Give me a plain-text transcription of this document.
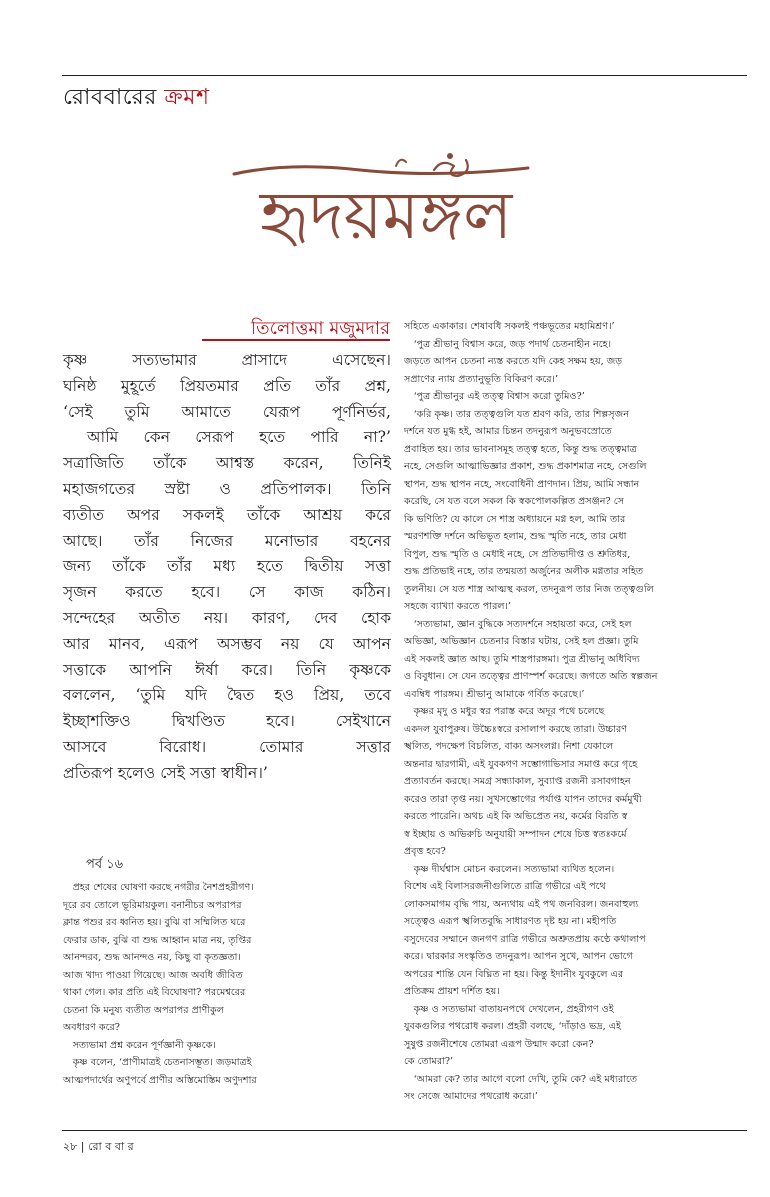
রোববারের ক্রমশ
হৃদয়মঙ্গল
তিলোত্তমা মজুমদার
কৃষ্ণ সত্যভামার প্রাসাদে এসেছেন।
ঘনিষ্ঠ মুহূর্তে প্রিয়তমার প্রতি তাঁর প্রশ্ন,
‘সেই তুমি আমাতে যেরূপ পূর্ণনির্ভর,
আমি কেন সেরূপ হতে পারি না?’
সত্রাজিতি তাঁকে আশ্বস্ত করেন, তিনিই
মহাজগতের স্রষ্টা ও প্রতিপালক। তিনি
ব্যতীত অপর সকলই তাঁকে আশ্রয় করে
আছে। তাঁর নিজের মনোভার বহনের
জন্য তাঁকে তাঁর মধ্য হতে দ্বিতীয় সত্তা
সৃজন করতে হবে। সে কাজ কঠিন।
সন্দেহের অতীত নয়। কারণ, দেব হোক
আর মানব, এরূপ অসম্ভব নয় যে আপন
সত্তাকে আপনি ঈর্ষা করে। তিনি কৃষ্ণকে
বললেন, ‘তুমি যদি দ্বৈত হও প্রিয়, তবে
ইচ্ছাশক্তিও দ্বিখণ্ডিত হবে। সেইখানে
আসবে বিরোধ। তোমার সত্তার
প্রতিরূপ হলেও সেই সত্তা স্বাধীন।’
পর্ব ১৬
প্রহর শেষের ঘোষণা করছে নগরীর নৈশপ্রহরীগণ।
দূরে রব তোলে ভূরিমায়কুল। বনানীচর অপরাপর
ক্লান্ত পশুর রব ধ্বনিত হয়। বুঝি বা সম্মিলিত ঘরে
ফেরার ডাক, বুঝি বা শুদ্ধ আহ্বান মাত্র নয়, তৃপ্তির
আনন্দরব, শুদ্ধ আনন্দও নয়, কিছু বা কৃতজ্ঞতা।
আজ খাদ্য পাওয়া গিয়েছে। আজ অবধি জীবিত
থাকা গেল। কার প্রতি এই বিঘোষণা? পরমেশ্বরের
চেতনা কি মনুষ্য ব্যতীত অপরাপর প্রাণীকুল
অবধারণ করে?
সত্যভামা প্রশ্ন করেন পূর্ণজ্ঞানী কৃষ্ণকে।
কৃষ্ণ বলেন, ‘প্রাণীমাত্রই চেতনাসম্ভূত। জড়মাত্রই
আত্মপদার্থের অণুপর্বে প্রাণীর অস্তিমোস্তিম অণুদশার
সহিতে একাকার। শেষাবধি সকলই পঞ্চভূতের মহামিশ্রণ।’
‘পুত্র শ্রীভানু বিশ্বাস করে, জড় পদার্থ চেতনাহীন নহে।
জড়তে আপন চেতনা ন্যস্ত করতে যদি কেহ সক্ষম হয়, জড়
সপ্রাণের ন্যায় প্রত্যানুভূতি বিকিরণ করে।’
‘পুত্র শ্রীভানুর এই তত্ত্ব বিশ্বাস করো তুমিও?’
‘করি কৃষ্ণ। তার তত্ত্বগুলি যত শ্রবণ করি, তার শিল্পসৃজন
দর্শনে যত মুগ্ধ হই, আমার চিন্তন তদনুরূপ অনুভবস্রোতে
প্রবাহিত হয়। তার ভাবনাসমূহ তত্ত্ব হতে, কিন্তু শুদ্ধ তত্ত্বমাত্র
নহে, সেগুলি আত্মাভিজ্ঞার প্রকাশ, শুদ্ধ প্রকাশমাত্র নহে, সেগুলি
স্থাপন, শুদ্ধ স্থাপন নহে, সংবোধিনী প্রাণদান। প্রিয়, আমি সন্ধান
করেছি, সে যত বলে সকল কি স্বকপোলকল্পিত প্রসঞ্জন? সে
কি ভণিতি? যে কালে সে শাস্ত্র অধ্যায়নে মগ্ন হল, আমি তার
স্মরণশক্তি দর্শনে অভিভূত হলাম, শুদ্ধ স্মৃতি নহে, তার মেধা
বিপুল, শুদ্ধ স্মৃতি ও মেধাই নহে, সে প্রতিভাদীপ্ত ও শ্রুতিধর,
শুদ্ধ প্রতিভাই নহে, তার তন্ময়তা অর্জুনের অলীক মগ্নতার সহিত
তুলনীয়। সে যত শাস্ত্র আত্মস্থ করল, তদনুরূপ তার নিজ তত্ত্বগুলি
সহজে ব্যাখ্যা করতে পারল।’
‘সত্যভামা, জ্ঞান বুদ্ধিকে সত্যদর্শনে সহায়তা করে, সেই হল
অভিজ্ঞা, অভিজ্ঞান চেতনার বিস্তার ঘটায়, সেই হল প্রজ্ঞা। তুমি
এই সকলই জ্ঞাত আছ। তুমি শাস্ত্রপারঙ্গমা। পুত্র শ্রীভানু অধিবিদ্য
ও বিবুধান। সে যেন তত্ত্বের প্রাণস্পর্শ করেছে। জগতে অতি স্বল্পজন
এবম্বিধ পারঙ্গম। শ্রীভানু আমাকে গর্বিত করেছে।’
কৃষ্ণর মৃদু ও মধুর স্বর পরাস্ত করে অদূর পথে চলেছে
একদল যুবাপুরুষ। উচ্চৈঃস্বরে রসালাপ করছে তারা। উচ্চারণ
স্খলিত, পদক্ষেপ বিচলিত, বাক্য অসংলগ্ন। নিশা যেকালে
অন্তনার দ্বারগামী, এই যুবকগণ সম্ভোগাভিসার সমাপ্ত করে গৃহে
প্রত্যাবর্তন করছে। সমগ্র সন্ধ্যাকাল, সুব্যাপ্ত রজনী রসাবগাহন
করেও তারা তৃপ্ত নয়। সুখসম্ভোগের পর্যাপ্ত যাপন তাদের কর্মমুখী
করতে পারেনি। অথচ এই কি অভিপ্রেত নয়, কর্মের বিরতি স্ব
স্ব ইচ্ছায় ও অভিরুচি অনুযায়ী সম্পাদন শেষে চিত্ত স্বতঃকর্মে
প্রবৃত্ত হবে?
কৃষ্ণ দীর্ঘশ্বাস মোচন করলেন। সত্যভামা ব্যথিত হলেন।
বিশেষ এই বিলাসরজনীগুলিতে রাত্রি গভীরে এই পথে
লোকসমাগম বৃদ্ধি পায়, অন্যথায় এই পথ জনবিরল। জনবাহুল্য
সত্ত্বেও এরূপ স্খলিতবুদ্ধি সাধারণত দৃষ্ট হয় না। মহীপতি
বসুদেবের সম্মানে জনগণ রাত্রি গভীরে অশ্রুতপ্রায় কণ্ঠে কথালাপ
করে। দ্বারকার সংস্কৃতিও তদনুরূপ। আপন সুখে, আপন ভোগে
অপরের শান্তি যেন বিঘ্নিত না হয়। কিন্তু ইদানীং যুবকুলে এর
প্রতিক্রম প্রায়শ দর্শিত হয়।
কৃষ্ণ ও সত্যভামা বাতায়নপথে দেখলেন, প্রহরীগণ ওই
যুবকগুলির পথরোধ করল। প্রহরী বলছে, ‘দাঁড়াও ভদ্র, এই
সুষুপ্ত রজনীশেষে তোমরা এরূপ উন্মাদ করো কেন?
কে তোমরা?’
‘আমরা কে? তার আগে বলো দেখি, তুমি কে? এই মধ্যরাতে
সং সেজে আমাদের পথরোধ করো।’
২৮ | রো ব বা র
